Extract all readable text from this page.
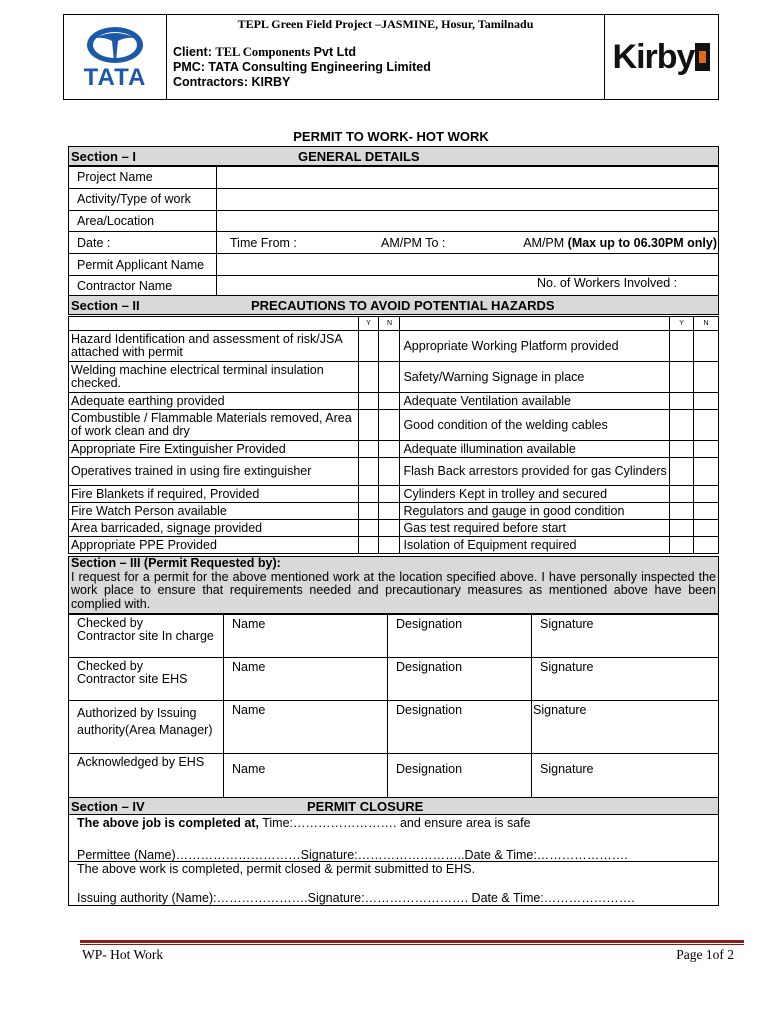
TATA
TEPL Green Field Project –JASMINE, Hosur, Tamilnadu
Client: TEL Components Pvt Ltd
PMC: TATA Consulting Engineering Limited
Contractors: KIRBY
Kirby
PERMIT TO WORK- HOT WORK
Section – I	GENERAL DETAILS
Project Name	
Activity/Type of work	
Area/Location	
Date :	Time From : AM/PM To : AM/PM (Max up to 06.30PM only)

Permit Applicant Name	
Contractor Name	No. of Workers Involved :
Section – II	PRECAUTIONS TO AVOID POTENTIAL HAZARDS
	Y	N		Y	N
Hazard Identification and assessment of risk/JSA attached with permit			Appropriate Working Platform provided		
Welding machine electrical terminal insulation checked.			Safety/Warning Signage in place		
Adequate earthing provided			Adequate Ventilation available		
Combustible / Flammable Materials removed, Area of work clean and dry			Good condition of the welding cables		
Appropriate Fire Extinguisher Provided			Adequate illumination available		
Operatives trained in using fire extinguisher			Flash Back arrestors provided for gas Cylinders		
Fire Blankets if required, Provided			Cylinders Kept in trolley and secured		
Fire Watch Person available			Regulators and gauge in good condition		
Area barricaded, signage provided			Gas test required before start		
Appropriate PPE Provided			Isolation of Equipment required		
Section – III (Permit Requested by):
I request for a permit for the above mentioned work at the location specified above. I have personally inspected the work place to ensure that requirements needed and precautionary measures as mentioned above have been complied with.
Checked by
Contractor site In charge	Name	Designation	Signature

Checked by
Contractor site EHS	Name	Designation	Signature

Authorized by Issuing
authority(Area Manager)	Name	Designation	Signature

Acknowledged by EHS	Name	Designation	Signature
Section – IV	PERMIT CLOSURE
The above job is completed at, Time:……………………. and ensure area is safe
Permittee (Name)…………………………Signature:……………………..Date & Time:………………….
The above work is completed, permit closed & permit submitted to EHS.
Issuing authority (Name):………………….Signature:……………………. Date & Time:………………….
WP- Hot Work	Page 1of 2
